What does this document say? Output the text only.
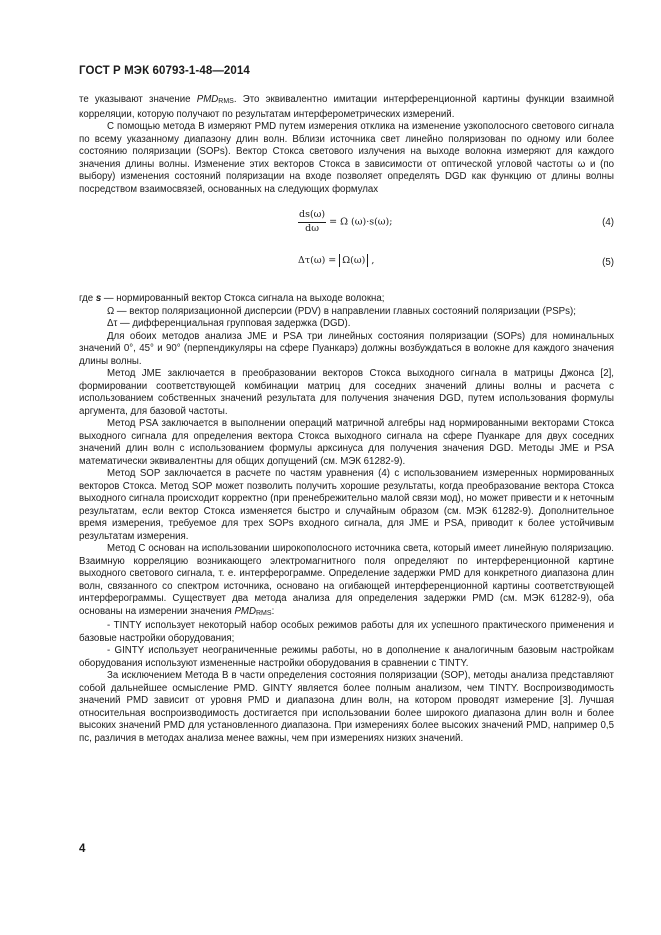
ГОСТ Р МЭК 60793-1-48—2014

те указывают значение PMDRMS. Это эквивалентно имитации интерференционной картины функции взаимной корреляции, которую получают по результатам интерферометрических измерений.

С помощью метода В измеряют PMD путем измерения отклика на изменение узкополосного светового сигнала по всему указанному диапазону длин волн. Вблизи источника свет линейно поляризован по одному или более состоянию поляризации (SOPs). Вектор Стокса светового излучения на выходе волокна измеряют для каждого значения длины волны. Изменение этих векторов Стокса в зависимости от оптической угловой частоты ω и (по выбору) изменения состояний поляризации на входе позволяет определять DGD как функцию от длины волны посредством взаимосвязей, основанных на следующих формулах

$\frac{ds(\omega)}{d\omega} = \Omega$ (ω)·s(ω);	(4)
Δτ(ω) = Ω(ω) ,	(5)

где s — нормированный вектор Стокса сигнала на выходе волокна;

Ω — вектор поляризационной дисперсии (PDV) в направлении главных состояний поляризации (PSPs);

Δτ — дифференциальная групповая задержка (DGD).

Для обоих методов анализа JME и PSA три линейных состояния поляризации (SOPs) для номинальных значений 0°, 45° и 90° (перпендикуляры на сфере Пуанкарэ) должны возбуждаться в волокне для каждого значения длины волны.

Метод JME заключается в преобразовании векторов Стокса выходного сигнала в матрицы Джонса [2], формировании соответствующей комбинации матриц для соседних значений длины волны и расчета с использованием собственных значений результата для получения значения DGD, путем использования формулы аргумента, для базовой частоты.

Метод PSA заключается в выполнении операций матричной алгебры над нормированными векторами Стокса выходного сигнала для определения вектора Стокса выходного сигнала на сфере Пуанкаре для двух соседних значений длин волн с использованием формулы арксинуса для получения значения DGD. Методы JME и PSA математически эквивалентны для общих допущений (см. МЭК 61282-9).

Метод SOP заключается в расчете по частям уравнения (4) с использованием измеренных нормированных векторов Стокса. Метод SOP может позволить получить хорошие результаты, когда преобразование вектора Стокса выходного сигнала происходит корректно (при пренебрежительно малой связи мод), но может привести и к неточным результатам, если вектор Стокса изменяется быстро и случайным образом (см. МЭК 61282-9). Дополнительное время измерения, требуемое для трех SOPs входного сигнала, для JME и PSA, приводит к более устойчивым результатам измерения.

Метод С основан на использовании широкополосного источника света, который имеет линейную поляризацию. Взаимную корреляцию возникающего электромагнитного поля определяют по интерференционной картине выходного светового сигнала, т. е. интерферограмме. Определение задержки PMD для конкретного диапазона длин волн, связанного со спектром источника, основано на огибающей интерференционной картины соответствующей интерферограммы. Существует два метода анализа для определения задержки PMD (см. МЭК 61282-9), оба основаны на измерении значения PMDRMS:

- TINTY использует некоторый набор особых режимов работы для их успешного практического применения и базовые настройки оборудования;

- GINTY использует неограниченные режимы работы, но в дополнение к аналогичным базовым настройкам оборудования используют измененные настройки оборудования в сравнении с TINTY.

За исключением Метода В в части определения состояния поляризации (SOP), методы анализа представляют собой дальнейшее осмысление PMD. GINTY является более полным анализом, чем TINTY. Воспроизводимость значений PMD зависит от уровня PMD и диапазона длин волн, на котором проводят измерение [3]. Лучшая относительная воспроизводимость достигается при использовании более широкого диапазона длин волн и более высоких значений PMD для установленного диапазона. При измерениях более высоких значений PMD, например 0,5 пс, различия в методах анализа менее важны, чем при измерениях низких значений.

4
